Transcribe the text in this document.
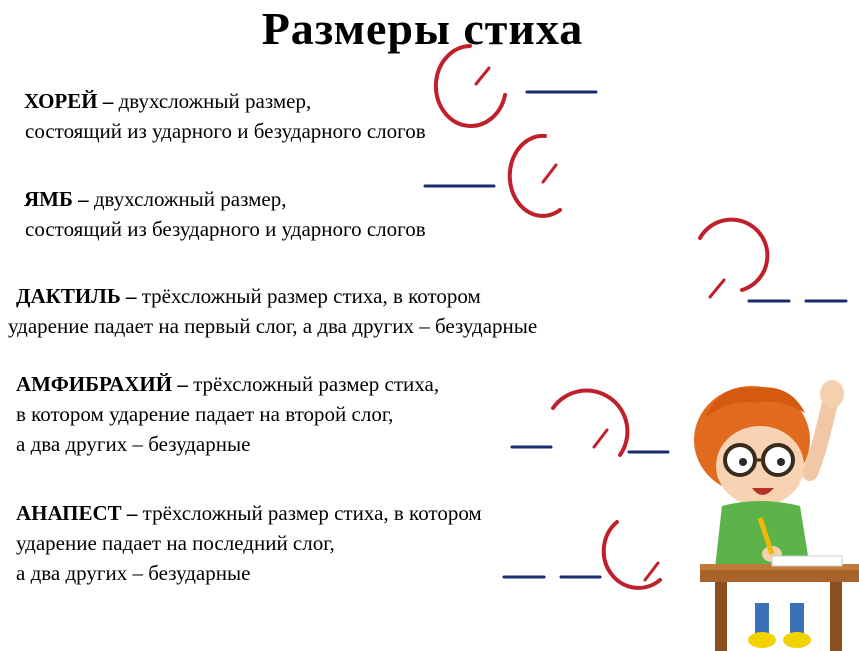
Размеры стиха
ХОРЕЙ – двухсложный размер,
состоящий из ударного и безударного слогов
ЯМБ – двухсложный размер,
состоящий из безударного и ударного слогов
ДАКТИЛЬ – трёхсложный размер стиха, в котором
ударение падает на первый слог, а два других – безударные
АМФИБРАХИЙ – трёхсложный размер стиха,
в котором ударение падает на второй слог,
а два других – безударные
АНАПЕСТ – трёхсложный размер стиха, в котором
ударение падает на последний слог,
а два других – безударные
